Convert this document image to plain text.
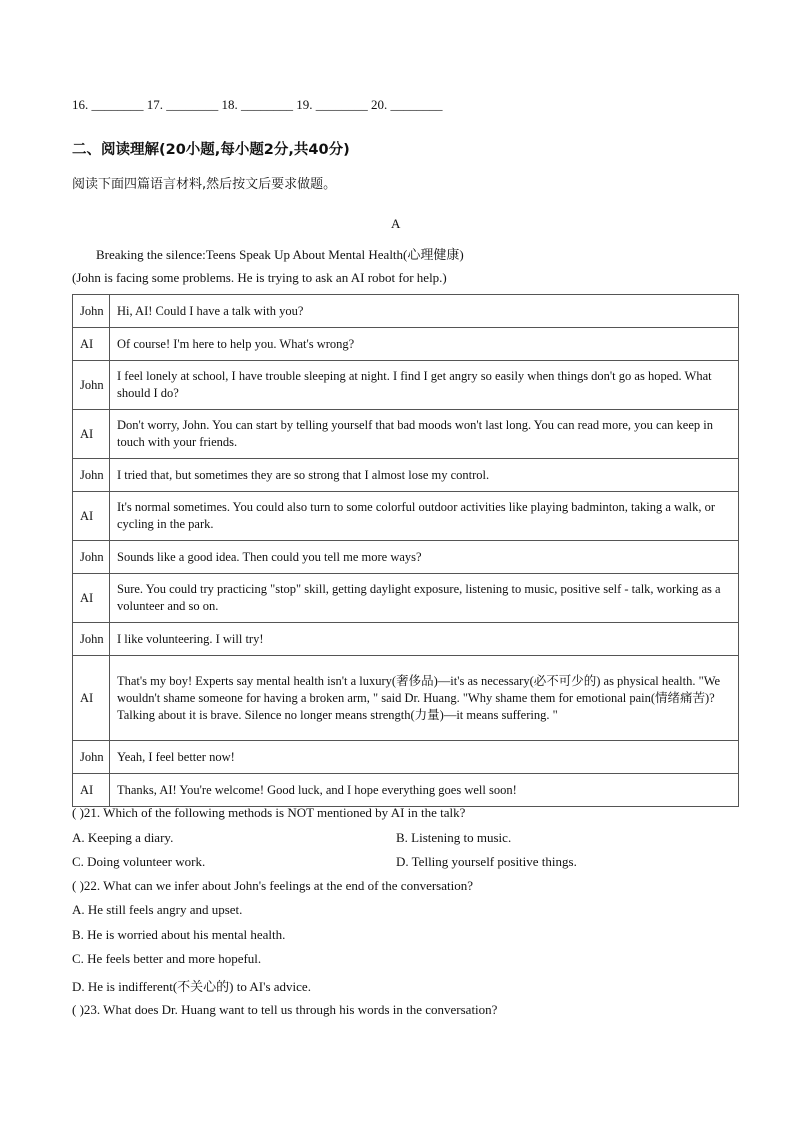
16. ________ 17. ________ 18. ________ 19. ________ 20. ________
二、阅读理解(20小题,每小题2分,共40分)
阅读下面四篇语言材料,然后按文后要求做题。
A
Breaking the silence:Teens Speak Up About Mental Health(心理健康)
(John is facing some problems. He is trying to ask an AI robot for help.)
John	Hi, AI! Could I have a talk with you?
AI	Of course! I'm here to help you. What's wrong?
John	I feel lonely at school, I have trouble sleeping at night. I find I get angry so easily when things don't go as hoped. What should I do?
AI	Don't worry, John. You can start by telling yourself that bad moods won't last long. You can read more, you can keep in touch with your friends.
John	I tried that, but sometimes they are so strong that I almost lose my control.
AI	It's normal sometimes. You could also turn to some colorful outdoor activities like playing badminton, taking a walk, or cycling in the park.
John	Sounds like a good idea. Then could you tell me more ways?
AI	Sure. You could try practicing "stop" skill, getting daylight exposure, listening to music, positive self - talk, working as a volunteer and so on.
John	I like volunteering. I will try!
AI	That's my boy! Experts say mental health isn't a luxury(奢侈品)—it's as necessary(必不可少的) as physical health. "We wouldn't shame someone for having a broken arm, " said Dr. Huang. "Why shame them for emotional pain(情绪痛苦)? Talking about it is brave. Silence no longer means strength(力量)—it means suffering. "
John	Yeah, I feel better now!
AI	Thanks, AI! You're welcome! Good luck, and I hope everything goes well soon!
( )21. Which of the following methods is NOT mentioned by AI in the talk?
A. Keeping a diary.	B. Listening to music.
C. Doing volunteer work.	D. Telling yourself positive things.
( )22. What can we infer about John's feelings at the end of the conversation?
A. He still feels angry and upset.
B. He is worried about his mental health.
C. He feels better and more hopeful.
D. He is indifferent(不关心的) to AI's advice.
( )23. What does Dr. Huang want to tell us through his words in the conversation?
